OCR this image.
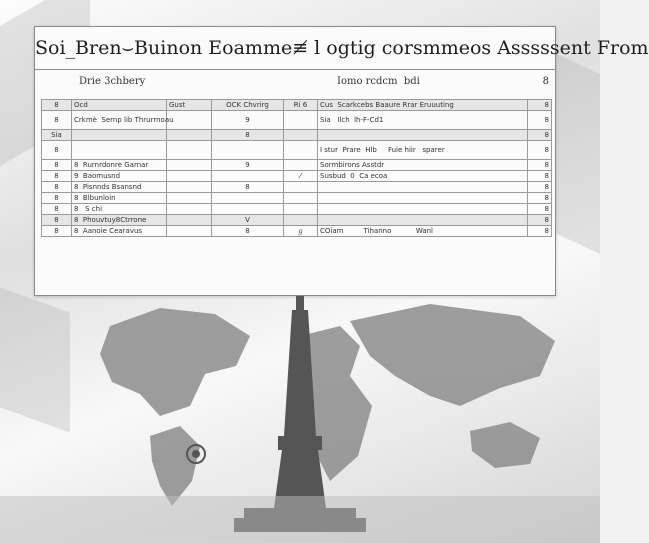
Soi_Bren⌣Buinon Eoamme≢ l ogtig corsmmeos Asssssent From
Drie 3chbery	Iomo rcdcm  bdi	8
8	Ocd	Gust	OCK Chvrirg	Ri 6	Cus  Scarkcebs Baaure Rrar Eruuuting	8
8	Crkmè  Sernp lib Thrurrnoau		9		Sia   Ilch  lh-F-Cd1	8
Sia			8			8
8					I stur  Prare  Hlb     Fuie hiir   sparer	8
8	8  Rurnrdonre Garnar		9		Sormbirons Asstdr	8
8	9  Baomusnd			⁄	Susbud  0  Ca ecoa	8
8	8  Pisnnds Bsansnd		8			8
8	8  Blbunloin					8
8	8   S chi					8
8	8  Phouvtuy8Ctrrone		V			8
8	8  Aanoie Cearavus		8	ℊ	COiam         Tihanno           Wanl	8
